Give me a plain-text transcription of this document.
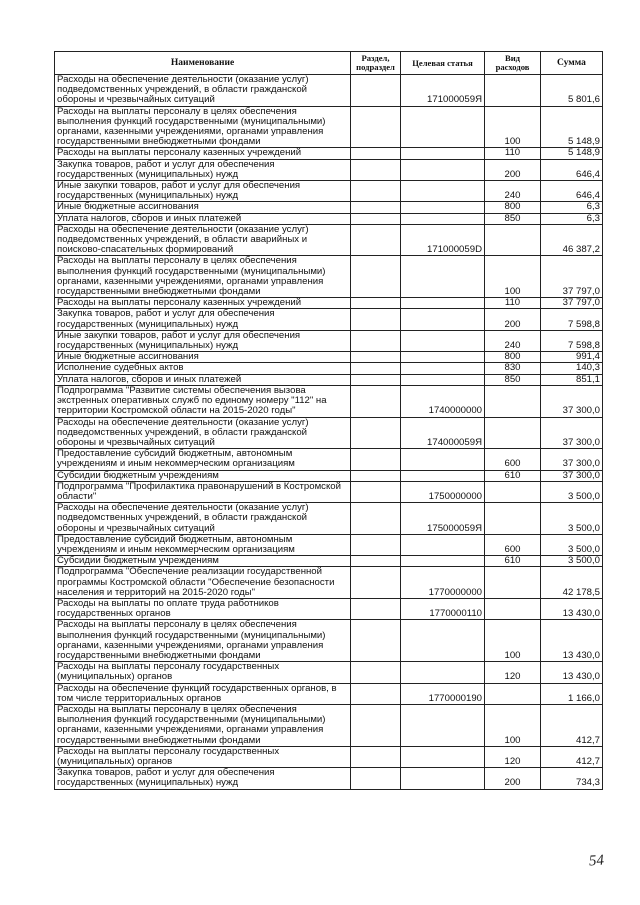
Наименование	Раздел, подраздел	Целевая статья	Вид расходов	Сумма
Расходы на обеспечение деятельности (оказание услуг) подведомственных учреждений, в области гражданской обороны и чрезвычайных ситуаций		171000059Я		5 801,6
Расходы на выплаты персоналу в целях обеспечения выполнения функций государственными (муниципальными) органами, казенными учреждениями, органами управления государственными внебюджетными фондами			100	5 148,9
Расходы на выплаты персоналу казенных учреждений			110	5 148,9
Закупка товаров, работ и услуг для обеспечения государственных (муниципальных) нужд			200	646,4
Иные закупки товаров, работ и услуг для обеспечения государственных (муниципальных) нужд			240	646,4
Иные бюджетные ассигнования			800	6,3
Уплата налогов, сборов и иных платежей			850	6,3
Расходы на обеспечение деятельности (оказание услуг) подведомственных учреждений, в области аварийных и поисково-спасательных формирований		171000059D		46 387,2
Расходы на выплаты персоналу в целях обеспечения выполнения функций государственными (муниципальными) органами, казенными учреждениями, органами управления государственными внебюджетными фондами			100	37 797,0
Расходы на выплаты персоналу казенных учреждений			110	37 797,0
Закупка товаров, работ и услуг для обеспечения государственных (муниципальных) нужд			200	7 598,8
Иные закупки товаров, работ и услуг для обеспечения государственных (муниципальных) нужд			240	7 598,8
Иные бюджетные ассигнования			800	991,4
Исполнение судебных актов			830	140,3
Уплата налогов, сборов и иных платежей			850	851,1
Подпрограмма "Развитие системы обеспечения вызова экстренных оперативных служб по единому номеру "112" на территории Костромской области на 2015-2020 годы"		1740000000		37 300,0
Расходы на обеспечение деятельности (оказание услуг) подведомственных учреждений, в области гражданской обороны и чрезвычайных ситуаций		174000059Я		37 300,0
Предоставление субсидий бюджетным, автономным учреждениям и иным некоммерческим организациям			600	37 300,0
Субсидии бюджетным учреждениям			610	37 300,0
Подпрограмма "Профилактика правонарушений в Костромской области"		1750000000		3 500,0
Расходы на обеспечение деятельности (оказание услуг) подведомственных учреждений, в области гражданской обороны и чрезвычайных ситуаций		175000059Я		3 500,0
Предоставление субсидий бюджетным, автономным учреждениям и иным некоммерческим организациям			600	3 500,0
Субсидии бюджетным учреждениям			610	3 500,0
Подпрограмма "Обеспечение реализации государственной программы Костромской области "Обеспечение безопасности населения и территорий на 2015-2020 годы"		1770000000		42 178,5
Расходы на выплаты по оплате труда работников государственных органов		1770000110		13 430,0
Расходы на выплаты персоналу в целях обеспечения выполнения функций государственными (муниципальными) органами, казенными учреждениями, органами управления государственными внебюджетными фондами			100	13 430,0
Расходы на выплаты персоналу государственных (муниципальных) органов			120	13 430,0
Расходы на обеспечение функций государственных органов, в том числе территориальных органов		1770000190		1 166,0
Расходы на выплаты персоналу в целях обеспечения выполнения функций государственными (муниципальными) органами, казенными учреждениями, органами управления государственными внебюджетными фондами			100	412,7
Расходы на выплаты персоналу государственных (муниципальных) органов			120	412,7
Закупка товаров, работ и услуг для обеспечения государственных (муниципальных) нужд			200	734,3
54
